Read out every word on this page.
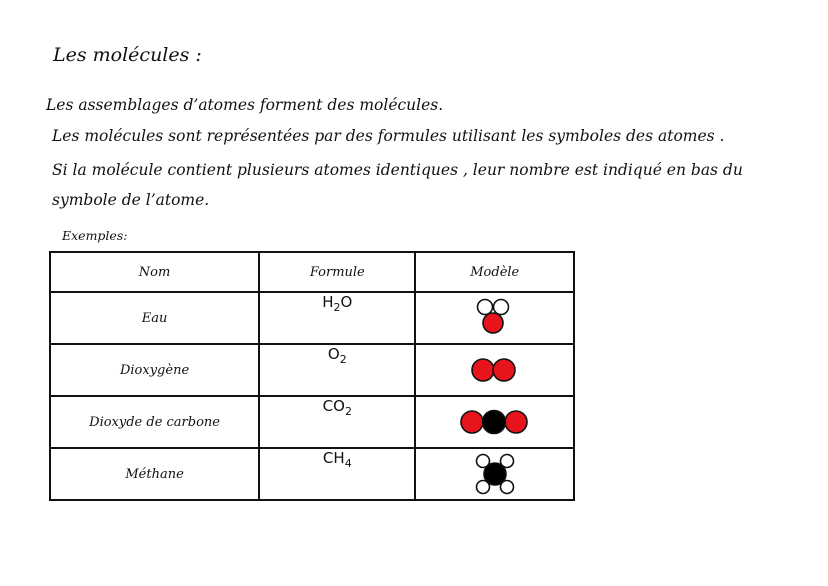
Les molécules :
Les assemblages d’atomes forment des molécules.
Les molécules sont représentées par des formules utilisant les symboles des atomes .
Si la molécule contient plusieurs atomes identiques , leur nombre est indiqué en bas du
symbole de l’atome.
Exemples:
Nom	Formule	Modèle
Eau	$H_2O$	

Dioxygène	$O_2$	

Dioxyde de carbone	$CO_2$	

Méthane	$CH_4$	
